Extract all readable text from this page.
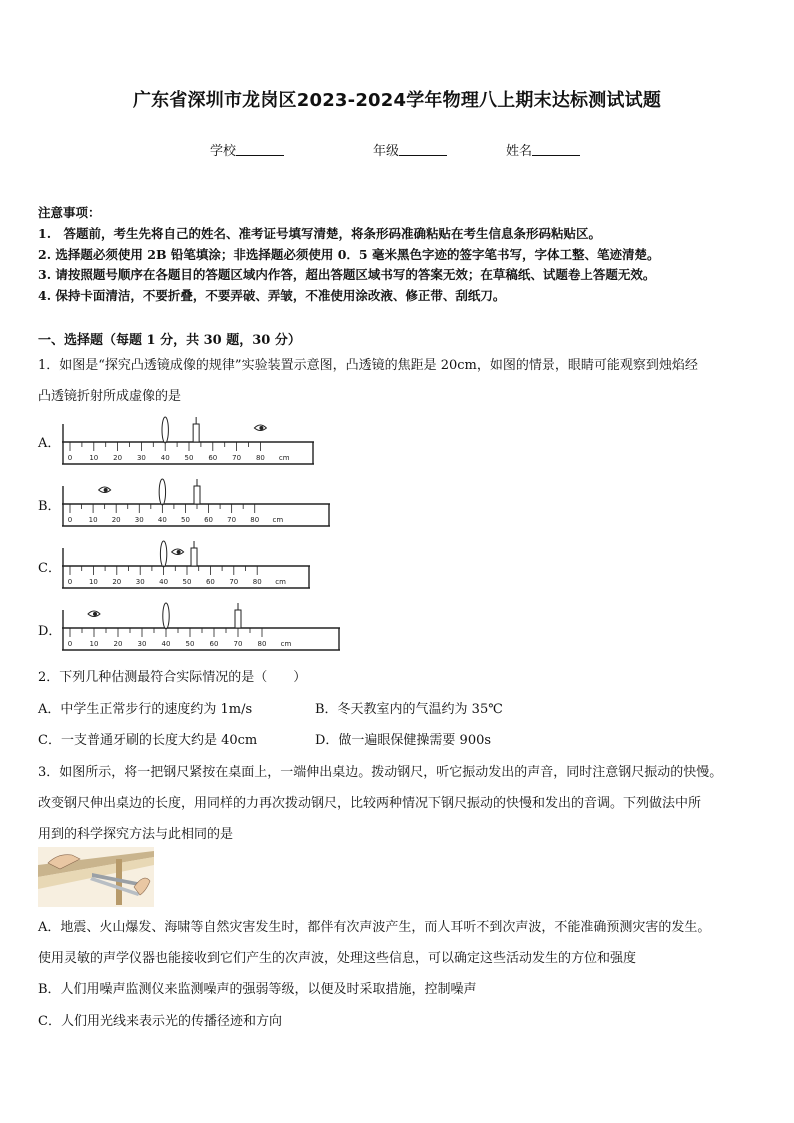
广东省深圳市龙岗区2023-2024学年物理八上期末达标测试试题
学校	年级	姓名
注意事项：
1.　答题前，考生先将自己的姓名、准考证号填写清楚，将条形码准确粘贴在考生信息条形码粘贴区。
2. 选择题必须使用 2B 铅笔填涂；非选择题必须使用 0．5 毫米黑色字迹的签字笔书写，字体工整、笔迹清楚。
3. 请按照题号顺序在各题目的答题区域内作答，超出答题区域书写的答案无效；在草稿纸、试题卷上答题无效。
4. 保持卡面清洁，不要折叠，不要弄破、弄皱，不准使用涂改液、修正带、刮纸刀。
一、选择题（每题 1 分，共 30 题，30 分）
1．如图是“探究凸透镜成像的规律”实验装置示意图，凸透镜的焦距是 20cm，如图的情景，眼睛可能观察到烛焰经
凸透镜折射所成虚像的是
A．
0 10 20 30 40 50 60 70 80 cm
B．
0 10 20 30 40 50 60 70 80 cm
C．
0 10 20 30 40 50 60 70 80 cm
D．
0 10 20 30 40 50 60 70 80 cm
2．下列几种估测最符合实际情况的是（　　）
A．中学生正常步行的速度约为 1m/s	B．冬天教室内的气温约为 35℃
C．一支普通牙刷的长度大约是 40cm	D．做一遍眼保健操需要 900s
3．如图所示，将一把钢尺紧按在桌面上，一端伸出桌边。拨动钢尺，听它振动发出的声音，同时注意钢尺振动的快慢。
改变钢尺伸出桌边的长度，用同样的力再次拨动钢尺，比较两种情况下钢尺振动的快慢和发出的音调。下列做法中所
用到的科学探究方法与此相同的是
A．地震、火山爆发、海啸等自然灾害发生时，都伴有次声波产生，而人耳听不到次声波，不能准确预测灾害的发生。
使用灵敏的声学仪器也能接收到它们产生的次声波，处理这些信息，可以确定这些活动发生的方位和强度
B．人们用噪声监测仪来监测噪声的强弱等级，以便及时采取措施，控制噪声
C．人们用光线来表示光的传播径迹和方向
